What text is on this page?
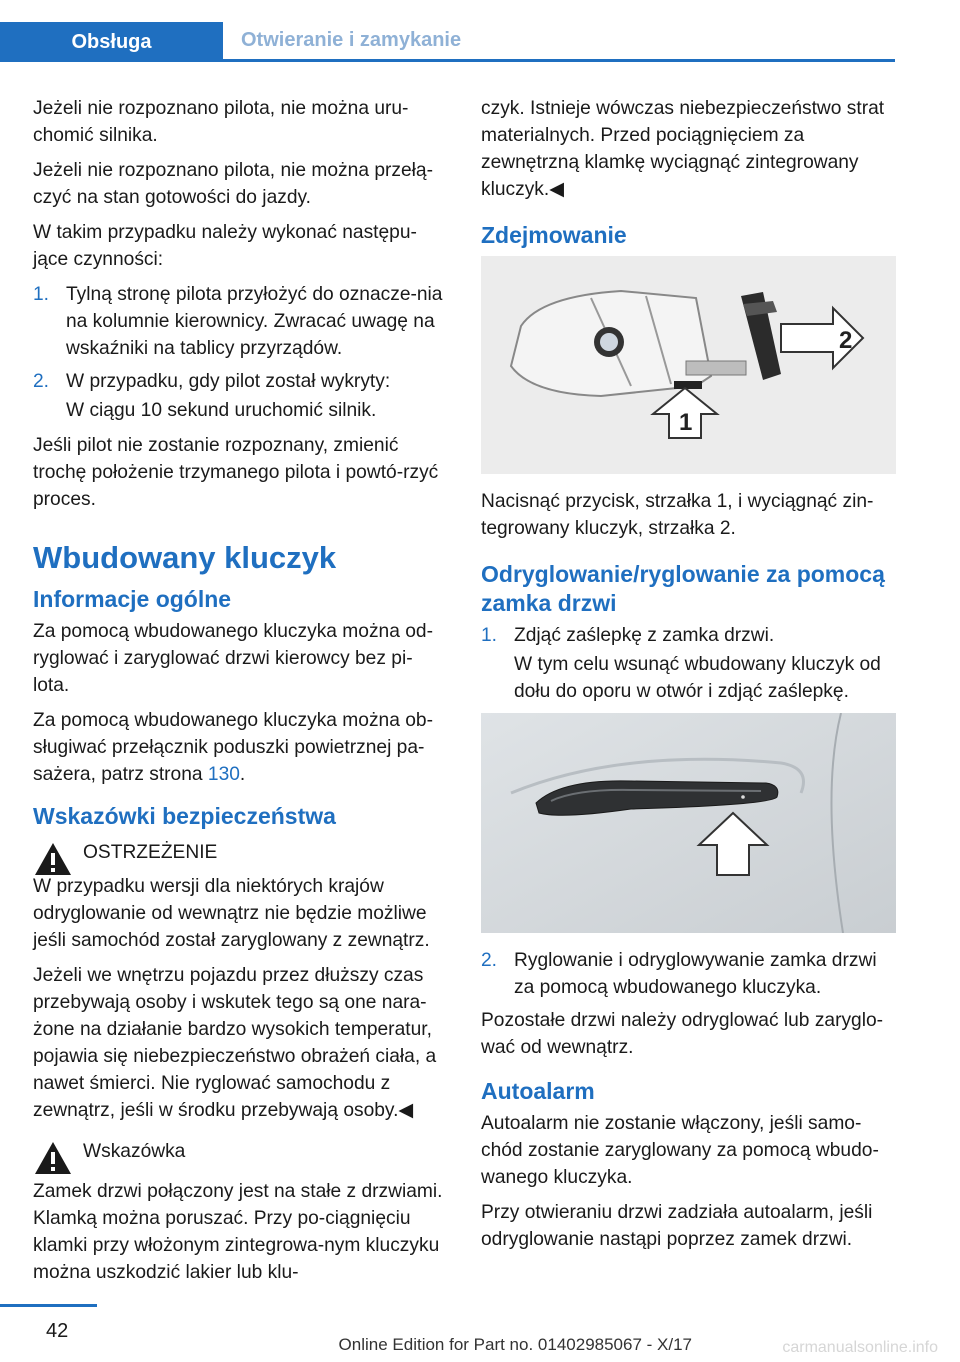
Obsługa	Otwieranie i zamykanie

Jeżeli nie rozpoznano pilota, nie można uru‐chomić silnika.

Jeżeli nie rozpoznano pilota, nie można przełą‐czyć na stan gotowości do jazdy.

W takim przypadku należy wykonać następu‐jące czynności:

1. Tylną stronę pilota przyłożyć do oznacze‐nia na kolumnie kierownicy. Zwracać uwagę na wskaźniki na tablicy przyrządów.
2. W przypadku, gdy pilot został wykryty:
W ciągu 10 sekund uruchomić silnik.

Jeśli pilot nie zostanie rozpoznany, zmienić trochę położenie trzymanego pilota i powtó‐rzyć proces.

Wbudowany kluczyk
Informacje ogólne

Za pomocą wbudowanego kluczyka można od‐ryglować i zaryglować drzwi kierowcy bez pi‐lota.

Za pomocą wbudowanego kluczyka można ob‐sługiwać przełącznik poduszki powietrznej pa‐sażera, patrz strona 130.

Wskazówki bezpieczeństwa
OSTRZEŻENIE

W przypadku wersji dla niektórych krajów odryglowanie od wewnątrz nie będzie możliwe jeśli samochód został zaryglowany z zewnątrz.

Jeżeli we wnętrzu pojazdu przez dłuższy czas przebywają osoby i wskutek tego są one nara‐żone na działanie bardzo wysokich temperatur, pojawia się niebezpieczeństwo obrażeń ciała, a nawet śmierci. Nie ryglować samochodu z zewnątrz, jeśli w środku przebywają osoby.◀

Wskazówka

Zamek drzwi połączony jest na stałe z drzwiami. Klamką można poruszać. Przy po‐ciągnięciu klamki przy włożonym zintegrowa‐nym kluczyku można uszkodzić lakier lub klu‐

czyk. Istnieje wówczas niebezpieczeństwo strat materialnych. Przed pociągnięciem za zewnętrzną klamkę wyciągnąć zintegrowany kluczyk.◀

Zdejmowanie
2
1

Nacisnąć przycisk, strzałka 1, i wyciągnąć zin‐tegrowany kluczyk, strzałka 2.

Odryglowanie/ryglowanie za pomocą zamka drzwi
1. Zdjąć zaślepkę z zamka drzwi.
W tym celu wsunąć wbudowany kluczyk od dołu do oporu w otwór i zdjąć zaślepkę.
2. Ryglowanie i odryglowywanie zamka drzwi za pomocą wbudowanego kluczyka.

Pozostałe drzwi należy odryglować lub zaryglo‐wać od wewnątrz.

Autoalarm

Autoalarm nie zostanie włączony, jeśli samo‐chód zostanie zaryglowany za pomocą wbudo‐wanego kluczyka.

Przy otwieraniu drzwi zadziała autoalarm, jeśli odryglowanie nastąpi poprzez zamek drzwi.

42
Online Edition for Part no. 01402985067 - X/17	carmanualsonline.info
